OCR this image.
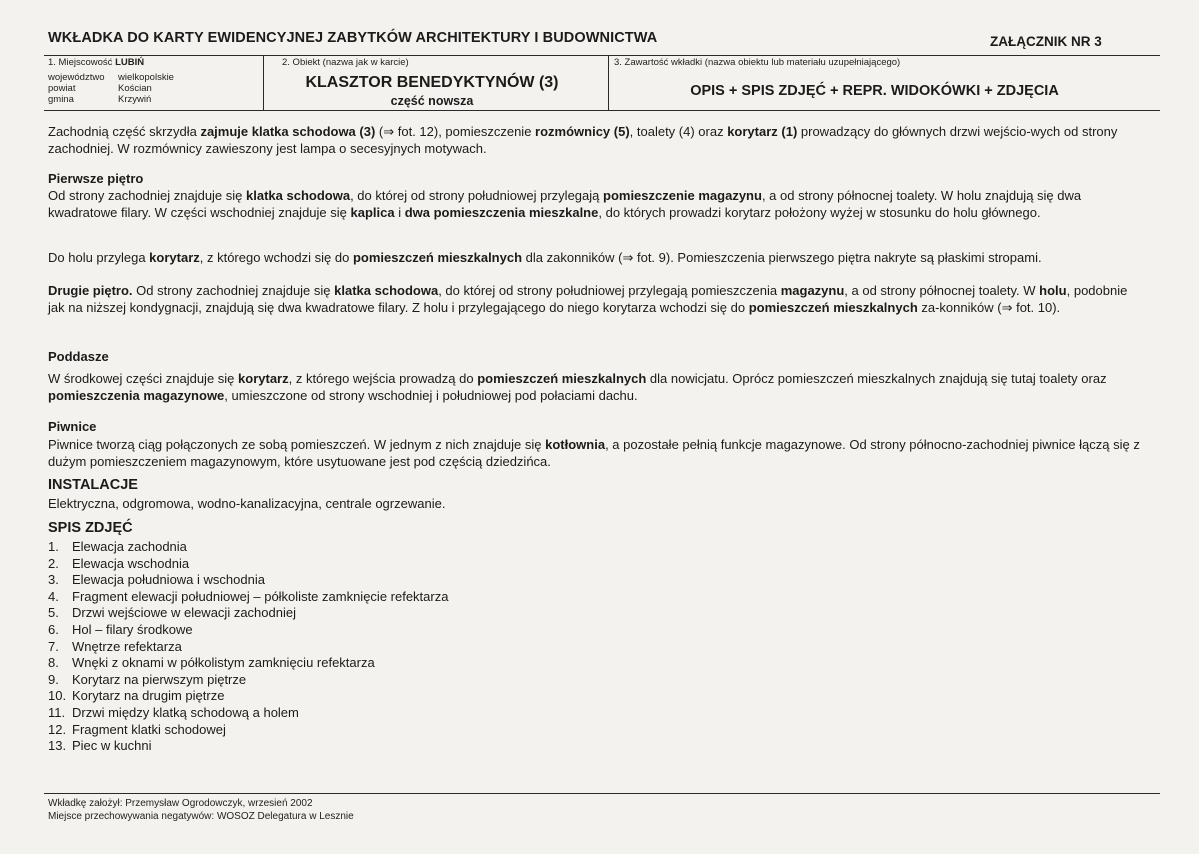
WKŁADKA DO KARTY EWIDENCYJNEJ ZABYTKÓW ARCHITEKTURY I BUDOWNICTWA	ZAŁĄCZNIK NR 3
1. Miejscowość LUBIŃ
województwo wielkopolskie
powiat	Kościan
gmina	Krzywiń
2. Obiekt (nazwa jak w karcie)
KLASZTOR BENEDYKTYNÓW (3)
część nowsza
3. Zawartość wkładki (nazwa obiektu lub materiału uzupełniającego)
OPIS + SPIS ZDJĘĆ + REPR. WIDOKÓWKI + ZDJĘCIA

Zachodnią część skrzydła zajmuje klatka schodowa (3) (⇒ fot. 12), pomieszczenie rozmównicy (5), toalety (4) oraz korytarz (1) prowadzący do głównych drzwi wejścio-wych od strony zachodniej. W rozmównicy zawieszony jest lampa o secesyjnych motywach.

Pierwsze piętro

Od strony zachodniej znajduje się klatka schodowa, do której od strony południowej przylegają pomieszczenie magazynu, a od strony północnej toalety. W holu znajdują się dwa kwadratowe filary. W części wschodniej znajduje się kaplica i dwa pomieszczenia mieszkalne, do których prowadzi korytarz położony wyżej w stosunku do holu głównego.

Do holu przylega korytarz, z którego wchodzi się do pomieszczeń mieszkalnych dla zakonników (⇒ fot. 9). Pomieszczenia pierwszego piętra nakryte są płaskimi stropami.

Drugie piętro. Od strony zachodniej znajduje się klatka schodowa, do której od strony południowej przylegają pomieszczenia magazynu, a od strony północnej toalety. W holu, podobnie jak na niższej kondygnacji, znajdują się dwa kwadratowe filary. Z holu i przylegającego do niego korytarza wchodzi się do pomieszczeń mieszkalnych za-konników (⇒ fot. 10).

Poddasze

W środkowej części znajduje się korytarz, z którego wejścia prowadzą do pomieszczeń mieszkalnych dla nowicjatu. Oprócz pomieszczeń mieszkalnych znajdują się tutaj toalety oraz pomieszczenia magazynowe, umieszczone od strony wschodniej i południowej pod połaciami dachu.

Piwnice

Piwnice tworzą ciąg połączonych ze sobą pomieszczeń. W jednym z nich znajduje się kotłownia, a pozostałe pełnią funkcje magazynowe. Od strony północno-zachodniej piwnice łączą się z dużym pomieszczeniem magazynowym, które usytuowane jest pod częścią dziedzińca.

INSTALACJE

Elektryczna, odgromowa, wodno-kanalizacyjna, centrale ogrzewanie.

SPIS ZDJĘĆ
1.	Elewacja zachodnia
2.	Elewacja wschodnia
3.	Elewacja południowa i wschodnia
4.	Fragment elewacji południowej – półkoliste zamknięcie refektarza
5.	Drzwi wejściowe w elewacji zachodniej
6.	Hol – filary środkowe
7.	Wnętrze refektarza
8.	Wnęki z oknami w półkolistym zamknięciu refektarza
9.	Korytarz na pierwszym piętrze
10. Korytarz na drugim piętrze
11. Drzwi między klatką schodową a holem
12. Fragment klatki schodowej
13. Piec w kuchni
Wkładkę założył: Przemysław Ogrodowczyk, wrzesień 2002
Miejsce przechowywania negatywów: WOSOZ Delegatura w Lesznie
